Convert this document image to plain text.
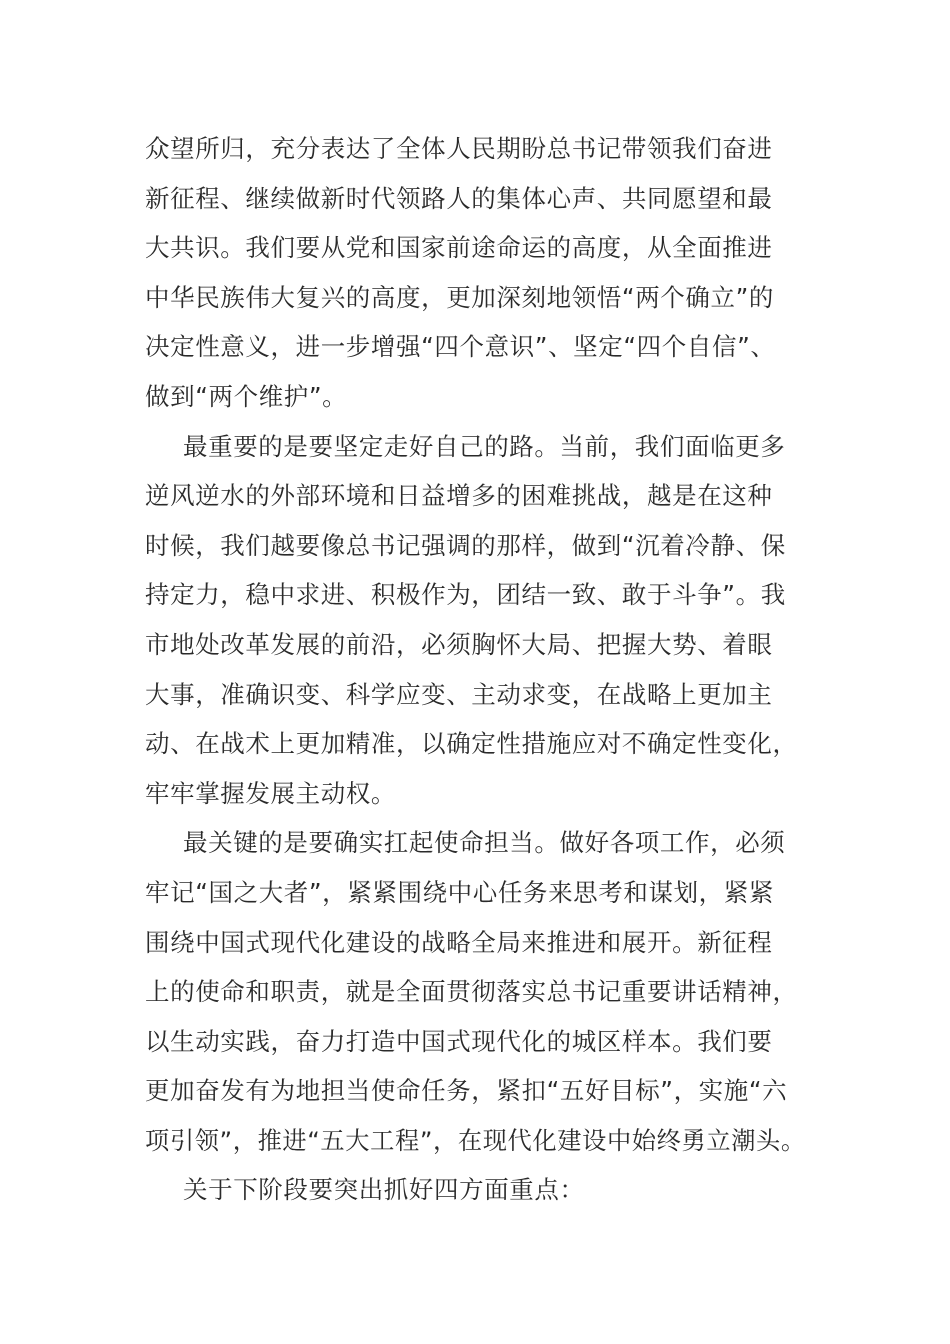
众望所归，充分表达了全体人民期盼总书记带领我们奋进
新征程、继续做新时代领路人的集体心声、共同愿望和最
大共识。我们要从党和国家前途命运的高度，从全面推进
中华民族伟大复兴的高度，更加深刻地领悟“两个确立”的
决定性意义，进一步增强“四个意识”、坚定“四个自信”、
做到“两个维护”。
最重要的是要坚定走好自己的路。当前，我们面临更多
逆风逆水的外部环境和日益增多的困难挑战，越是在这种
时候，我们越要像总书记强调的那样，做到“沉着冷静、保
持定力，稳中求进、积极作为，团结一致、敢于斗争”。我
市地处改革发展的前沿，必须胸怀大局、把握大势、着眼
大事，准确识变、科学应变、主动求变，在战略上更加主
动、在战术上更加精准，以确定性措施应对不确定性变化，
牢牢掌握发展主动权。
最关键的是要确实扛起使命担当。做好各项工作，必须
牢记“国之大者”，紧紧围绕中心任务来思考和谋划，紧紧
围绕中国式现代化建设的战略全局来推进和展开。新征程
上的使命和职责，就是全面贯彻落实总书记重要讲话精神，
以生动实践，奋力打造中国式现代化的城区样本。我们要
更加奋发有为地担当使命任务，紧扣“五好目标”，实施“六
项引领”，推进“五大工程”，在现代化建设中始终勇立潮头。
关于下阶段要突出抓好四方面重点：
